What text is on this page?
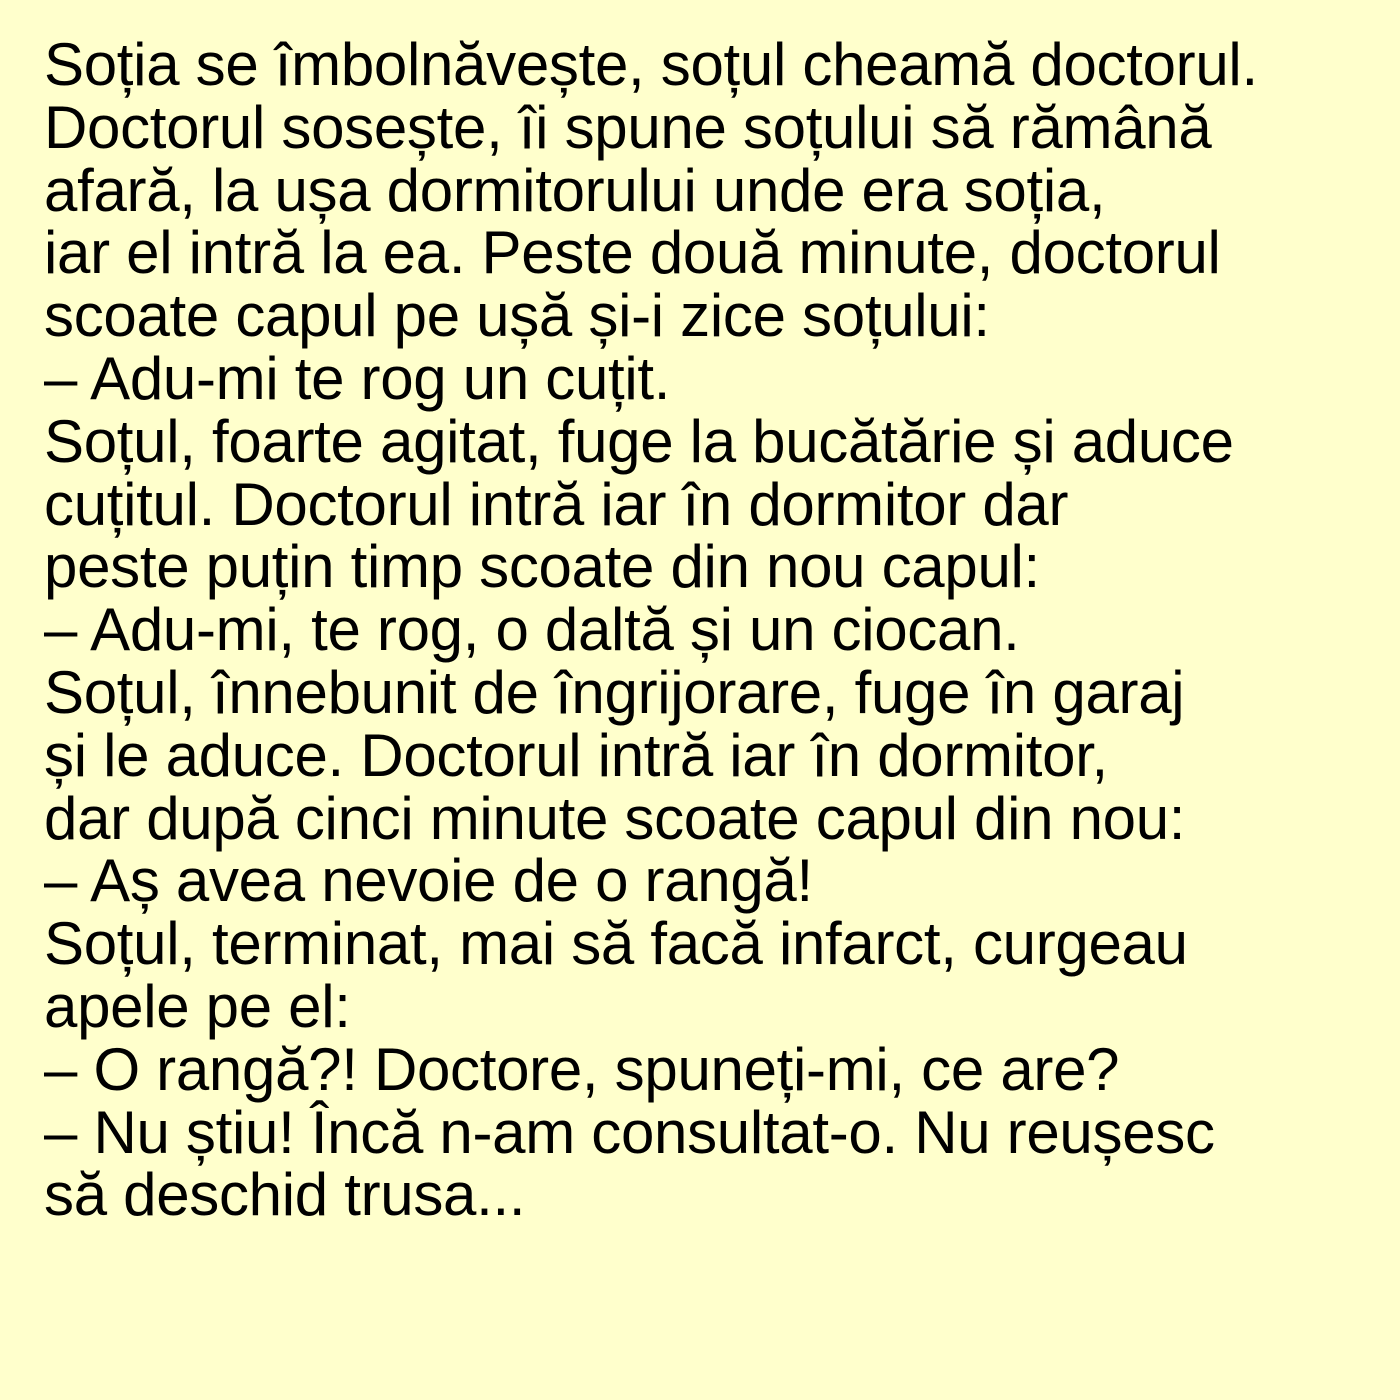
Soția se îmbolnăvește, soțul cheamă doctorul.
Doctorul sosește, îi spune soțului să rămână
afară, la ușa dormitorului unde era soția,
iar el intră la ea. Peste două minute, doctorul
scoate capul pe ușă și-i zice soțului:
– Adu-mi te rog un cuțit.
Soțul, foarte agitat, fuge la bucătărie și aduce
cuțitul. Doctorul intră iar în dormitor dar
peste puțin timp scoate din nou capul:
– Adu-mi, te rog, o daltă și un ciocan.
Soțul, înnebunit de îngrijorare, fuge în garaj
și le aduce. Doctorul intră iar în dormitor,
dar după cinci minute scoate capul din nou:
– Aș avea nevoie de o rangă!
Soțul, terminat, mai să facă infarct, curgeau
apele pe el:
– O rangă?! Doctore, spuneți-mi, ce are?
– Nu știu! Încă n-am consultat-o. Nu reușesc
să deschid trusa...
